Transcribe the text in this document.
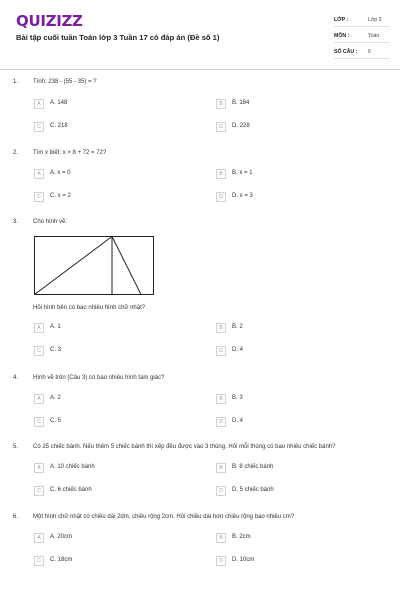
QUIZIZZ
Bài tập cuối tuần Toán lớp 3 Tuần 17 có đáp án (Đề số 1)
LỚP :	Lớp 3
MÔN :	Toán
SỐ CÂU : 6
1. Tính: 238 - (55 - 35) = ?
A	A. 148	B	B. 184
C	C. 218	D	D. 228
2. Tìm x biết: x × 8 + 72 = 72?
A	A. x = 0	B	B. x = 1
C	C. x = 2	D	D. x = 3
3. Cho hình vẽ:
Hỏi hình bên có bao nhiêu hình chữ nhật?
A	A. 1	B	B. 2
C	C. 3	D	D. 4
4. Hình vẽ trên (Câu 3) có bao nhiêu hình tam giác?
A	A. 2	B	B. 3
C	C. 5	D	D. 4
5. Có 25 chiếc bánh. Nếu thêm 5 chiếc bánh thì xếp đều được vào 3 thùng. Hỏi mỗi thùng có bao nhiêu chiếc bánh?
A	A. 10 chiếc bánh	B	B. 8 chiếc bánh
C	C. 6 chiếc bánh	D	D. 5 chiếc bánh
6. Một hình chữ nhật có chiều dài 2dm, chiều rộng 2cm. Hỏi chiều dài hơn chiều rộng bao nhiêu cm?
A	A. 20cm	B	B. 2cm
C	C. 18cm	D	D. 10cm
